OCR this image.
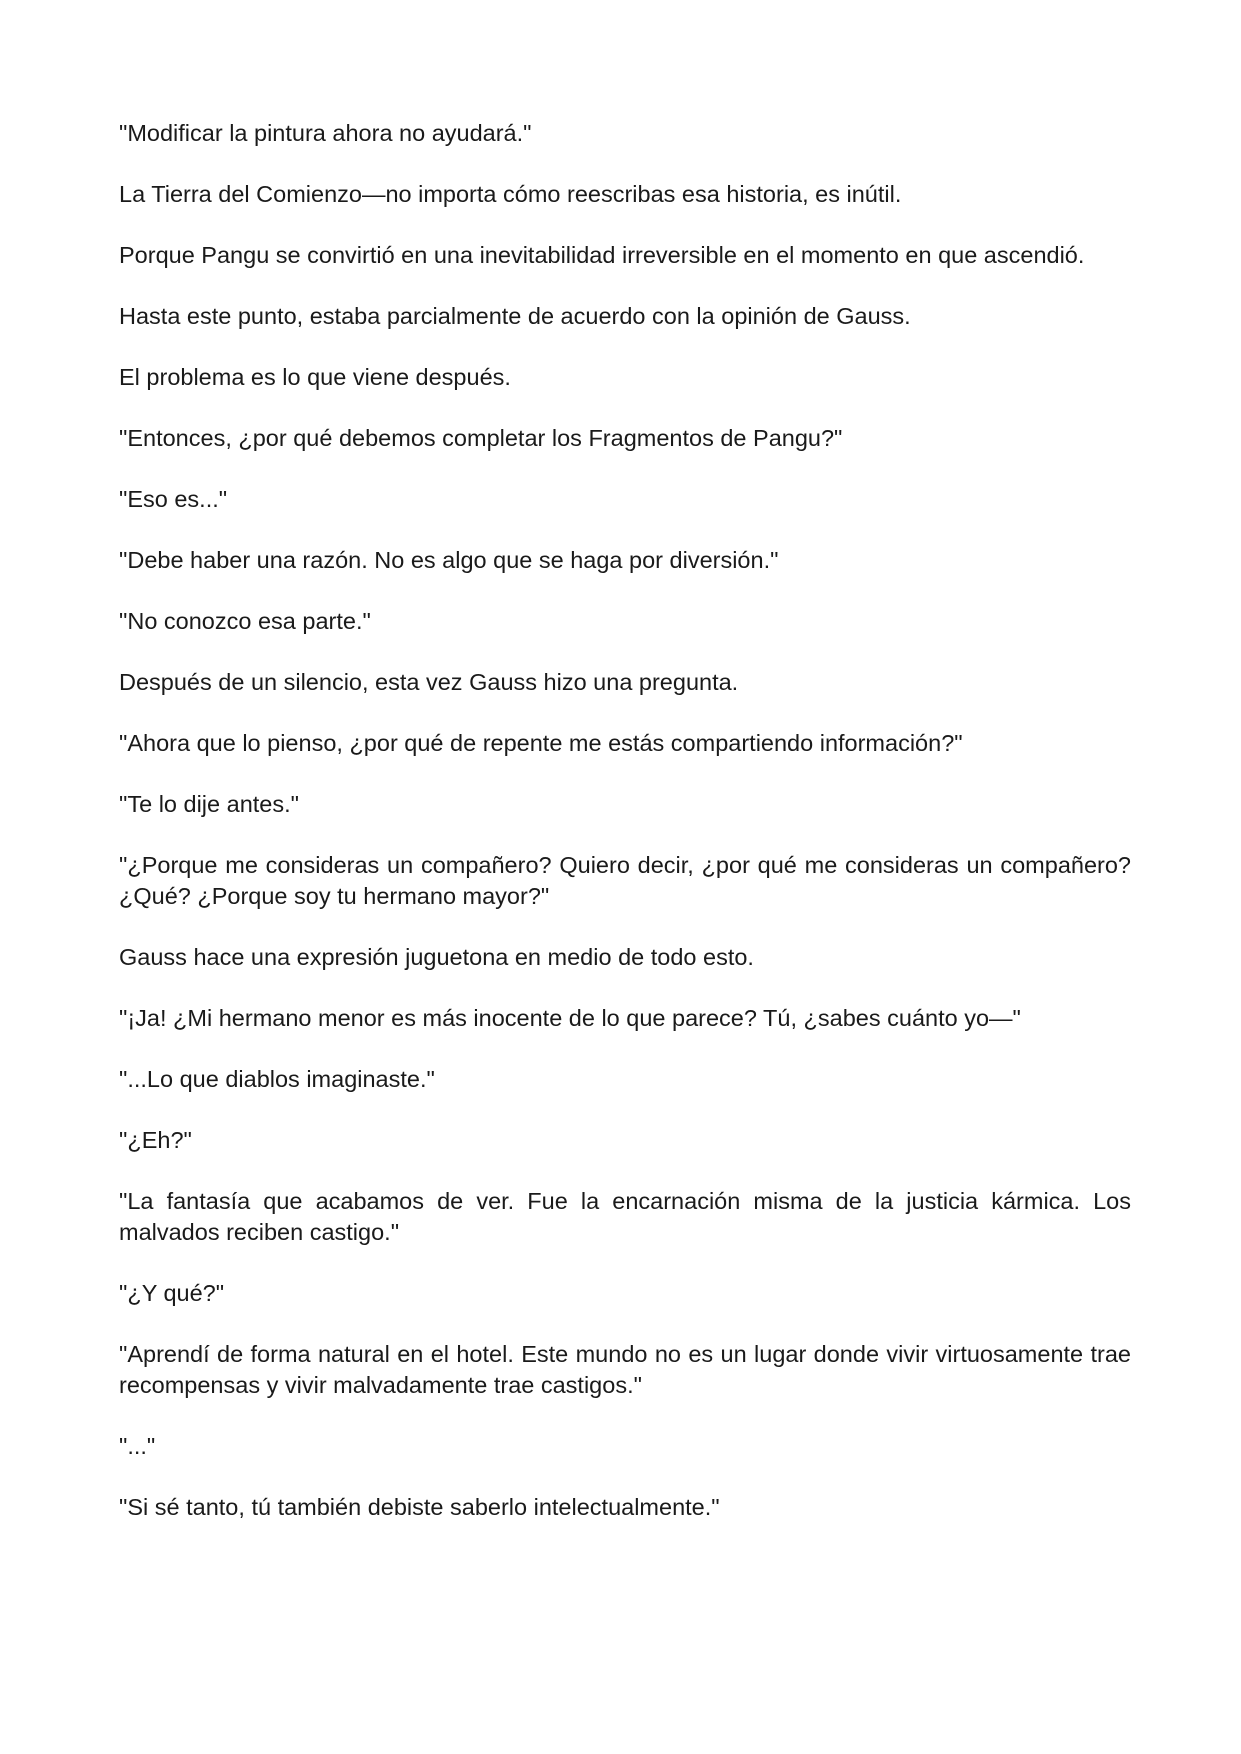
"Modificar la pintura ahora no ayudará."

La Tierra del Comienzo—no importa cómo reescribas esa historia, es inútil.

Porque Pangu se convirtió en una inevitabilidad irreversible en el momento en que ascendió.

Hasta este punto, estaba parcialmente de acuerdo con la opinión de Gauss.

El problema es lo que viene después.

"Entonces, ¿por qué debemos completar los Fragmentos de Pangu?"

"Eso es..."

"Debe haber una razón. No es algo que se haga por diversión."

"No conozco esa parte."

Después de un silencio, esta vez Gauss hizo una pregunta.

"Ahora que lo pienso, ¿por qué de repente me estás compartiendo información?"

"Te lo dije antes."

"¿Porque me consideras un compañero? Quiero decir, ¿por qué me consideras un compañero? ¿Qué? ¿Porque soy tu hermano mayor?"

Gauss hace una expresión juguetona en medio de todo esto.

"¡Ja! ¿Mi hermano menor es más inocente de lo que parece? Tú, ¿sabes cuánto yo—"

"...Lo que diablos imaginaste."

"¿Eh?"

"La fantasía que acabamos de ver. Fue la encarnación misma de la justicia kármica. Los malvados reciben castigo."

"¿Y qué?"

"Aprendí de forma natural en el hotel. Este mundo no es un lugar donde vivir virtuosamente trae recompensas y vivir malvadamente trae castigos."

"..."

"Si sé tanto, tú también debiste saberlo intelectualmente."
